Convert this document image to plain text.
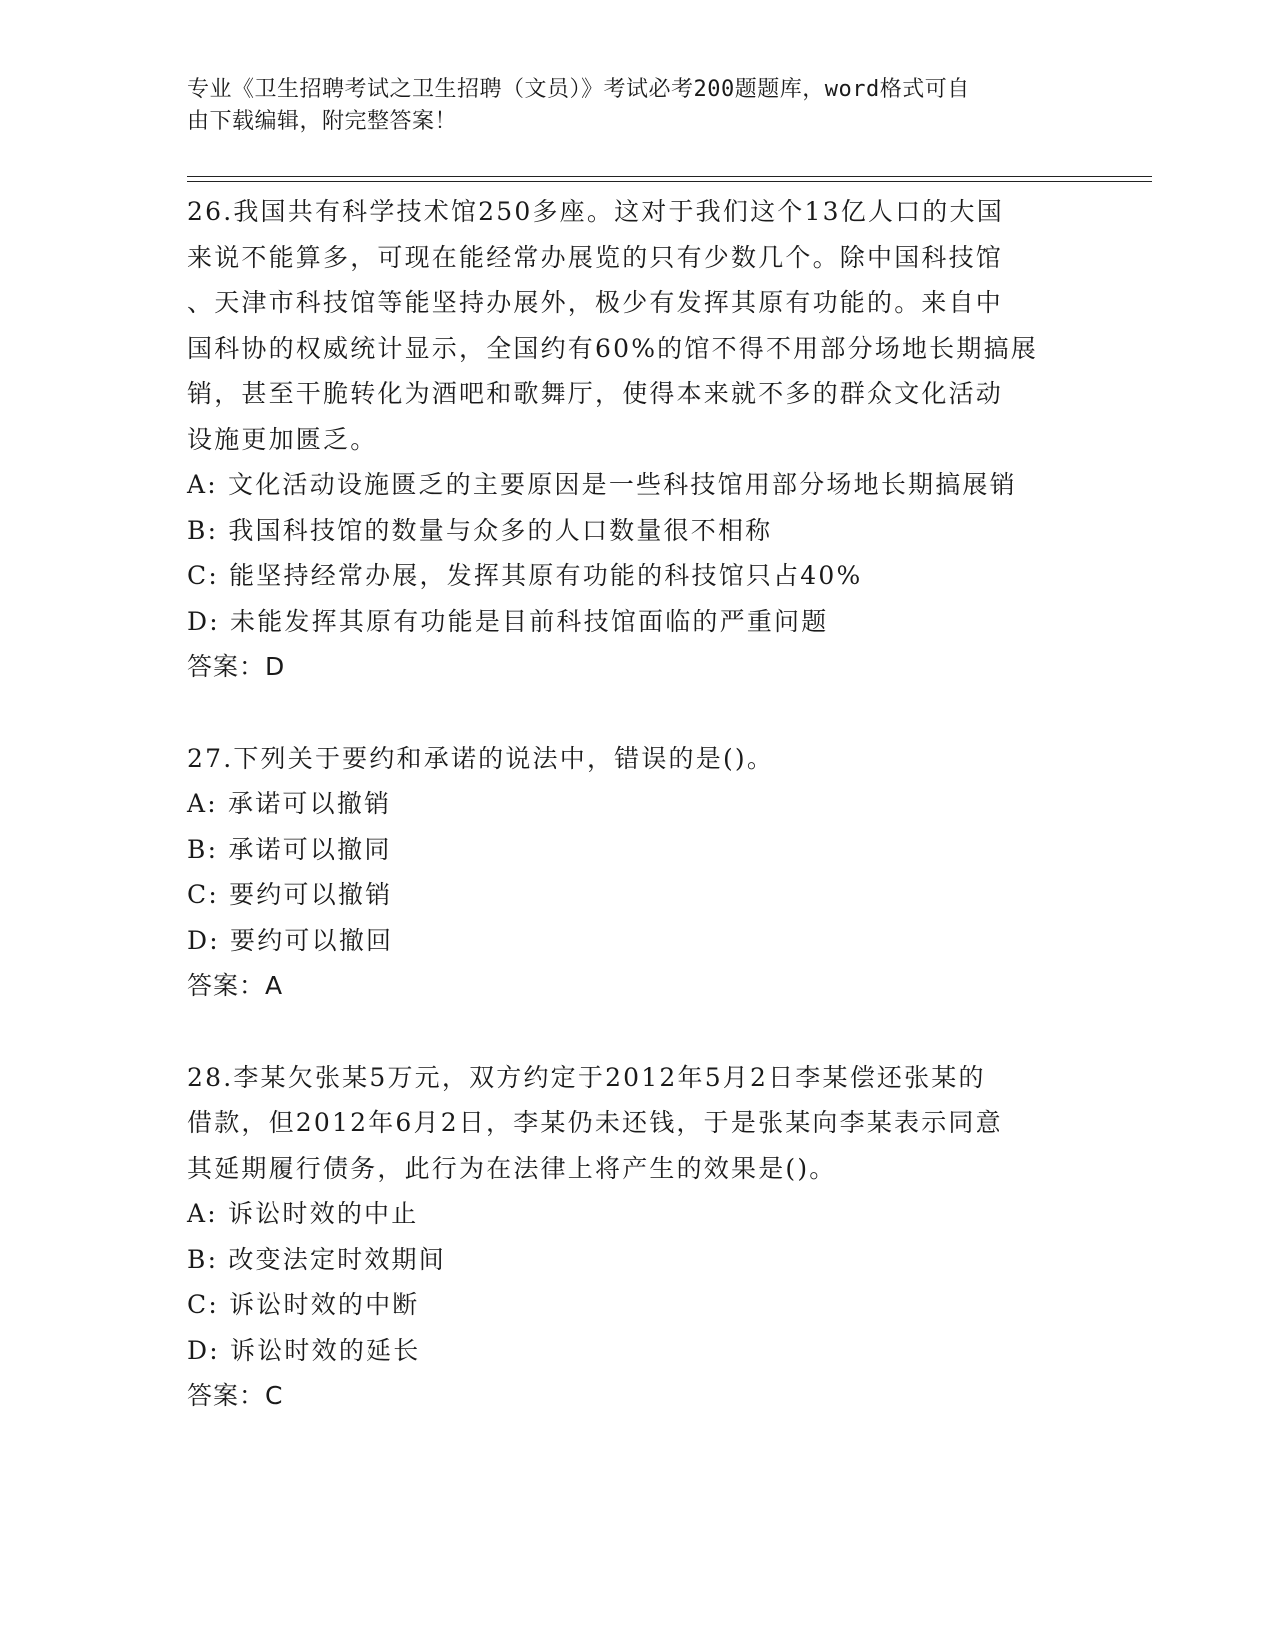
专业《卫生招聘考试之卫生招聘（文员）》考试必考200题题库，word格式可自
由下载编辑，附完整答案！

26.我国共有科学技术馆250多座。这对于我们这个13亿人口的大国

来说不能算多，可现在能经常办展览的只有少数几个。除中国科技馆

、天津市科技馆等能坚持办展外，极少有发挥其原有功能的。来自中

国科协的权威统计显示，全国约有60%的馆不得不用部分场地长期搞展

销，甚至干脆转化为酒吧和歌舞厅，使得本来就不多的群众文化活动

设施更加匮乏。

A: 文化活动设施匮乏的主要原因是一些科技馆用部分场地长期搞展销

B: 我国科技馆的数量与众多的人口数量很不相称

C: 能坚持经常办展，发挥其原有功能的科技馆只占40%

D: 未能发挥其原有功能是目前科技馆面临的严重问题

答案：D

27.下列关于要约和承诺的说法中，错误的是()。

A: 承诺可以撤销

B: 承诺可以撤同

C: 要约可以撤销

D: 要约可以撤回

答案：A

28.李某欠张某5万元，双方约定于2012年5月2日李某偿还张某的

借款，但2012年6月2日，李某仍未还钱，于是张某向李某表示同意

其延期履行债务，此行为在法律上将产生的效果是()。

A: 诉讼时效的中止

B: 改变法定时效期间

C: 诉讼时效的中断

D: 诉讼时效的延长

答案：C
